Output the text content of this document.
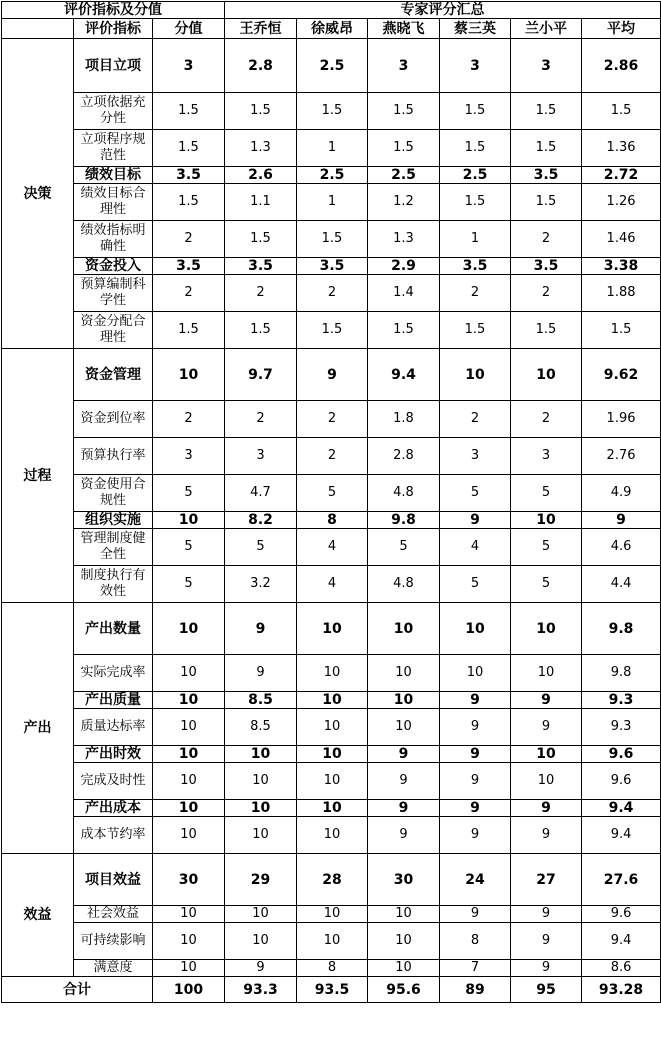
评价指标及分值			专家评分汇总					
	评价指标	分值	王乔恒	徐威昂	燕晓飞	蔡三英	兰小平	平均
决策	项目立项	3	2.8	2.5	3	3	3	2.86
	立项依据充分性	1.5	1.5	1.5	1.5	1.5	1.5	1.5
	立项程序规范性	1.5	1.3	1	1.5	1.5	1.5	1.36
	绩效目标	3.5	2.6	2.5	2.5	2.5	3.5	2.72
	绩效目标合理性	1.5	1.1	1	1.2	1.5	1.5	1.26
	绩效指标明确性	2	1.5	1.5	1.3	1	2	1.46
	资金投入	3.5	3.5	3.5	2.9	3.5	3.5	3.38
	预算编制科学性	2	2	2	1.4	2	2	1.88
	资金分配合理性	1.5	1.5	1.5	1.5	1.5	1.5	1.5
过程	资金管理	10	9.7	9	9.4	10	10	9.62
	资金到位率	2	2	2	1.8	2	2	1.96
	预算执行率	3	3	2	2.8	3	3	2.76
	资金使用合规性	5	4.7	5	4.8	5	5	4.9
	组织实施	10	8.2	8	9.8	9	10	9
	管理制度健全性	5	5	4	5	4	5	4.6
	制度执行有效性	5	3.2	4	4.8	5	5	4.4
产出	产出数量	10	9	10	10	10	10	9.8
	实际完成率	10	9	10	10	10	10	9.8
	产出质量	10	8.5	10	10	9	9	9.3
	质量达标率	10	8.5	10	10	9	9	9.3
	产出时效	10	10	10	9	9	10	9.6
	完成及时性	10	10	10	9	9	10	9.6
	产出成本	10	10	10	9	9	9	9.4
	成本节约率	10	10	10	9	9	9	9.4
效益	项目效益	30	29	28	30	24	27	27.6
	社会效益	10	10	10	10	9	9	9.6
	可持续影响	10	10	10	10	8	9	9.4
	满意度	10	9	8	10	7	9	8.6
合计		100	93.3	93.5	95.6	89	95	93.28
